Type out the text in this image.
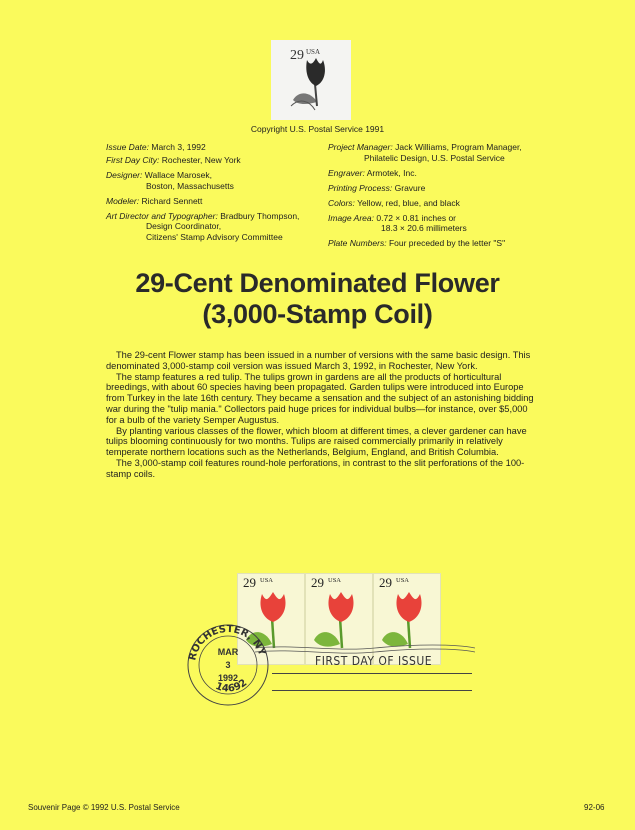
29 USA
Copyright U.S. Postal Service 1991
Issue Date: March 3, 1992
First Day City: Rochester, New York
Designer: Wallace Marosek,
Boston, Massachusetts
Modeler: Richard Sennett
Art Director and Typographer: Bradbury Thompson,
Design Coordinator,
Citizens' Stamp Advisory Committee
Project Manager: Jack Williams, Program Manager,
Philatelic Design, U.S. Postal Service
Engraver: Armotek, Inc.
Printing Process: Gravure
Colors: Yellow, red, blue, and black
Image Area: 0.72 × 0.81 inches or
18.3 × 20.6 millimeters
Plate Numbers: Four preceded by the letter "S"
29-Cent Denominated Flower
(3,000-Stamp Coil)

The 29-cent Flower stamp has been issued in a number of versions with the same basic design. This denominated 3,000-stamp coil version was issued March 3, 1992, in Rochester, New York.

The stamp features a red tulip. The tulips grown in gardens are all the products of horticultural breedings, with about 60 species having been propagated. Garden tulips were introduced into Europe from Turkey in the late 16th century. They became a sensation and the subject of an astonishing bidding war during the "tulip mania." Collectors paid huge prices for individual bulbs—for instance, over $5,000 for a bulb of the variety Semper Augustus.

By planting various classes of the flower, which bloom at different times, a clever gardener can have tulips blooming continuously for two months. Tulips are raised commercially primarily in relatively temperate northern locations such as the Netherlands, Belgium, England, and British Columbia.

The 3,000-stamp coil features round-hole perforations, in contrast to the slit perforations of the 100-stamp coils.

29 USA	29 USA	29 USA
ROCHESTER, NY
14692
MAR
3
1992
FIRST DAY OF ISSUE
Souvenir Page © 1992 U.S. Postal Service	92-06
